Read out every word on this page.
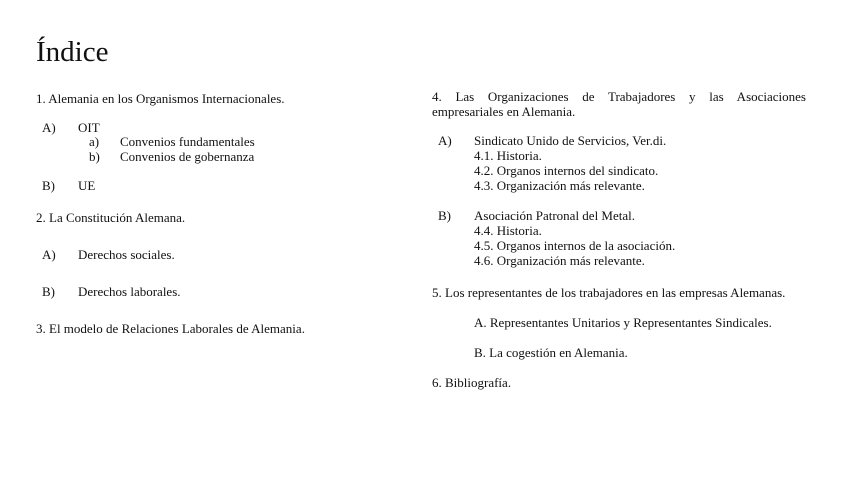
Índice
1. Alemania en los Organismos Internacionales.
A) OIT
a) Convenios fundamentales
b) Convenios de gobernanza
B) UE
2. La Constitución Alemana.
A) Derechos sociales.
B) Derechos laborales.
3. El modelo de Relaciones Laborales de Alemania.
4. Las Organizaciones de Trabajadores y las Asociaciones empresariales en Alemania.
A) Sindicato Unido de Servicios, Ver.di.
4.1. Historia.
4.2. Organos internos del sindicato.
4.3. Organización más relevante.
B) Asociación Patronal del Metal.
4.4. Historia.
4.5. Organos internos de la asociación.
4.6. Organización más relevante.
5. Los representantes de los trabajadores en las empresas Alemanas.
A. Representantes Unitarios y Representantes Sindicales.
B. La cogestión en Alemania.
6. Bibliografía.
